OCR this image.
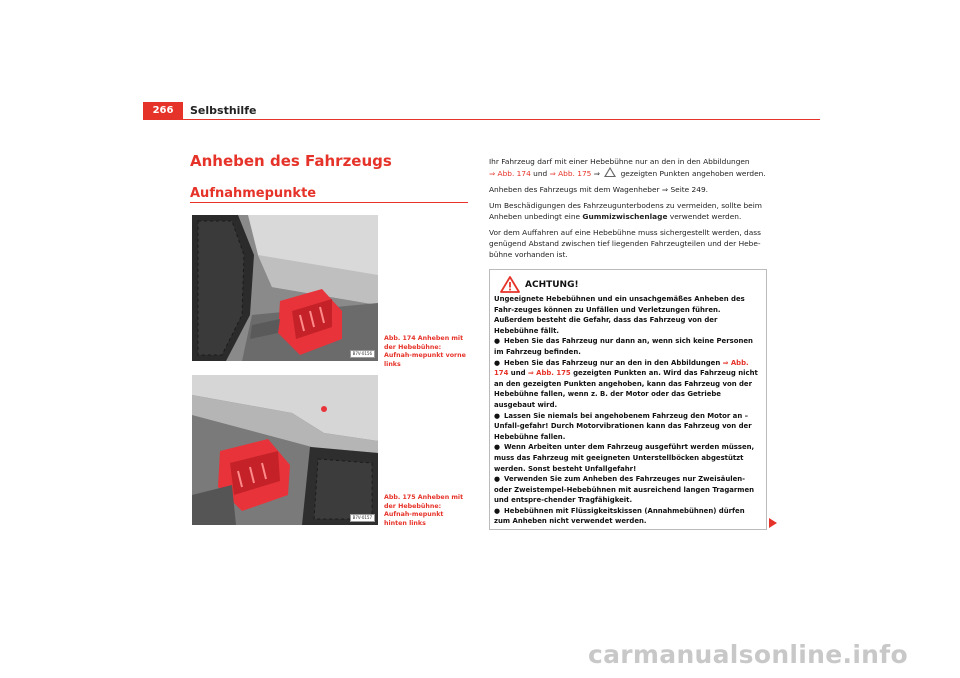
266	Selbsthilfe
Anheben des Fahrzeugs
Aufnahmepunkte
B7V-0156
Abb. 174 Anheben mit der Hebebühne: Aufnah-mepunkt vorne links
B7V-0157
Abb. 175 Anheben mit der Hebebühne: Aufnah-mepunkt hinten links

Ihr Fahrzeug darf mit einer Hebebühne nur an den in den Abbildungen
⇒ Abb. 174 und ⇒ Abb. 175 ⇒  gezeigten Punkten angehoben werden.

Anheben des Fahrzeugs mit dem Wagenheber ⇒ Seite 249.

Um Beschädigungen des Fahrzeugunterbodens zu vermeiden, sollte beim Anheben unbedingt eine Gummizwischenlage verwendet werden.

Vor dem Auffahren auf eine Hebebühne muss sichergestellt werden, dass genügend Abstand zwischen tief liegenden Fahrzeugteilen und der Hebe-bühne vorhanden ist.

ACHTUNG!

Ungeeignete Hebebühnen und ein unsachgemäßes Anheben des Fahr-zeuges können zu Unfällen und Verletzungen führen. Außerdem besteht die Gefahr, dass das Fahrzeug von der Hebebühne fällt.

● Heben Sie das Fahrzeug nur dann an, wenn sich keine Personen im Fahrzeug befinden.

● Heben Sie das Fahrzeug nur an den in den Abbildungen ⇒ Abb. 174 und ⇒ Abb. 175 gezeigten Punkten an. Wird das Fahrzeug nicht an den gezeigten Punkten angehoben, kann das Fahrzeug von der Hebebühne fallen, wenn z. B. der Motor oder das Getriebe ausgebaut wird.

● Lassen Sie niemals bei angehobenem Fahrzeug den Motor an – Unfall-gefahr! Durch Motorvibrationen kann das Fahrzeug von der Hebebühne fallen.

● Wenn Arbeiten unter dem Fahrzeug ausgeführt werden müssen, muss das Fahrzeug mit geeigneten Unterstellböcken abgestützt werden. Sonst besteht Unfallgefahr!

● Verwenden Sie zum Anheben des Fahrzeuges nur Zweisäulen- oder Zweistempel-Hebebühnen mit ausreichend langen Tragarmen und entspre-chender Tragfähigkeit.

● Hebebühnen mit Flüssigkeitskissen (Annahmebühnen) dürfen zum Anheben nicht verwendet werden.

carmanualsonline.info
